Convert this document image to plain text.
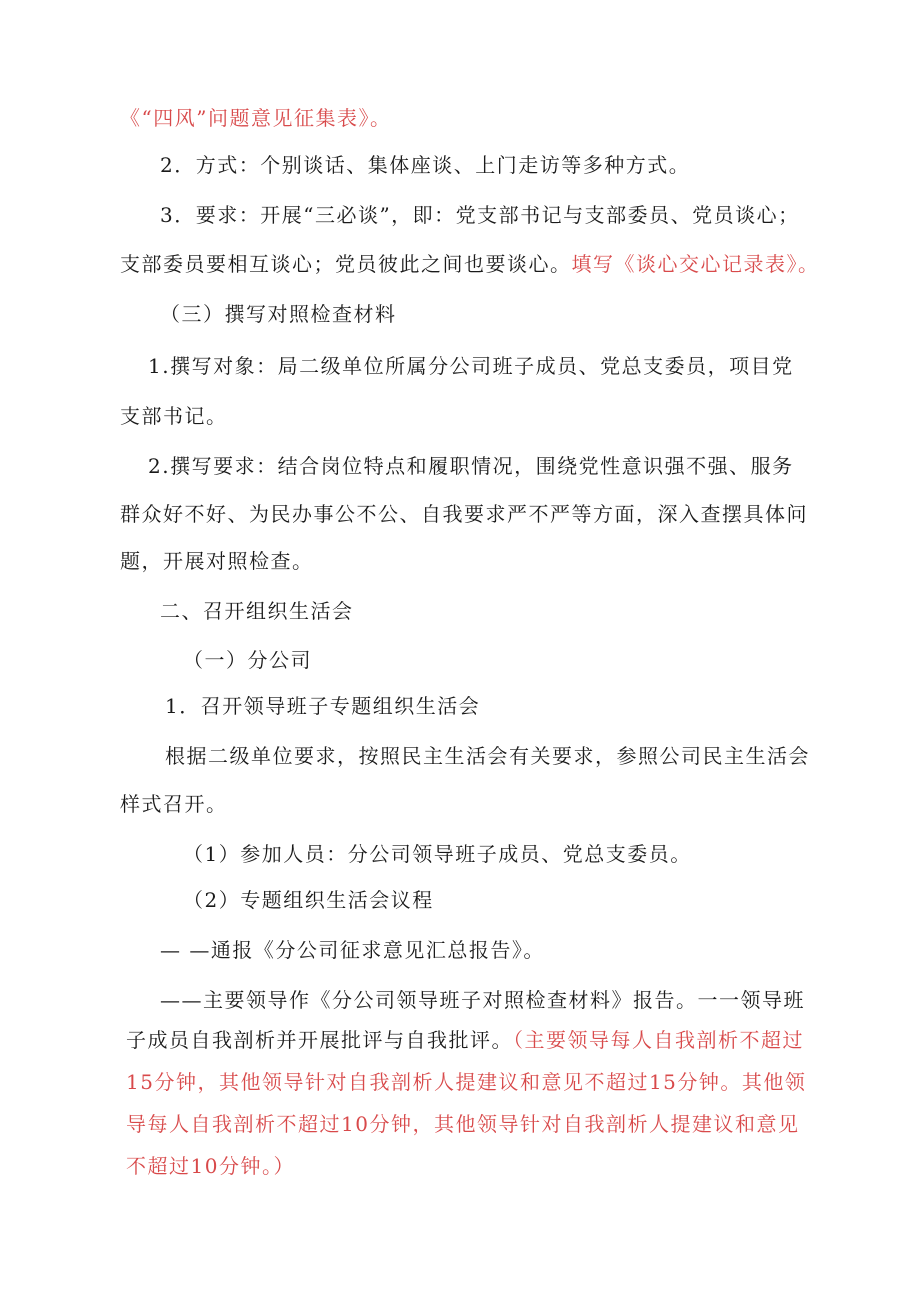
《“四风”问题意见征集表》。
2．方式：个别谈话、集体座谈、上门走访等多种方式。
3．要求：开展“三必谈”，即：党支部书记与支部委员、党员谈心；
支部委员要相互谈心；党员彼此之间也要谈心。填写《谈心交心记录表》。
（三）撰写对照检查材料
1.撰写对象：局二级单位所属分公司班子成员、党总支委员，项目党
支部书记。
2.撰写要求：结合岗位特点和履职情况，围绕党性意识强不强、服务
群众好不好、为民办事公不公、自我要求严不严等方面，深入查摆具体问
题，开展对照检查。
二、召开组织生活会
（一）分公司
1．召开领导班子专题组织生活会
根据二级单位要求，按照民主生活会有关要求，参照公司民主生活会
样式召开。
（1）参加人员：分公司领导班子成员、党总支委员。
（2）专题组织生活会议程
— —通报《分公司征求意见汇总报告》。
——主要领导作《分公司领导班子对照检查材料》报告。一一领导班
子成员自我剖析并开展批评与自我批评。（主要领导每人自我剖析不超过
15分钟，其他领导针对自我剖析人提建议和意见不超过15分钟。其他领
导每人自我剖析不超过10分钟，其他领导针对自我剖析人提建议和意见
不超过10分钟。）
